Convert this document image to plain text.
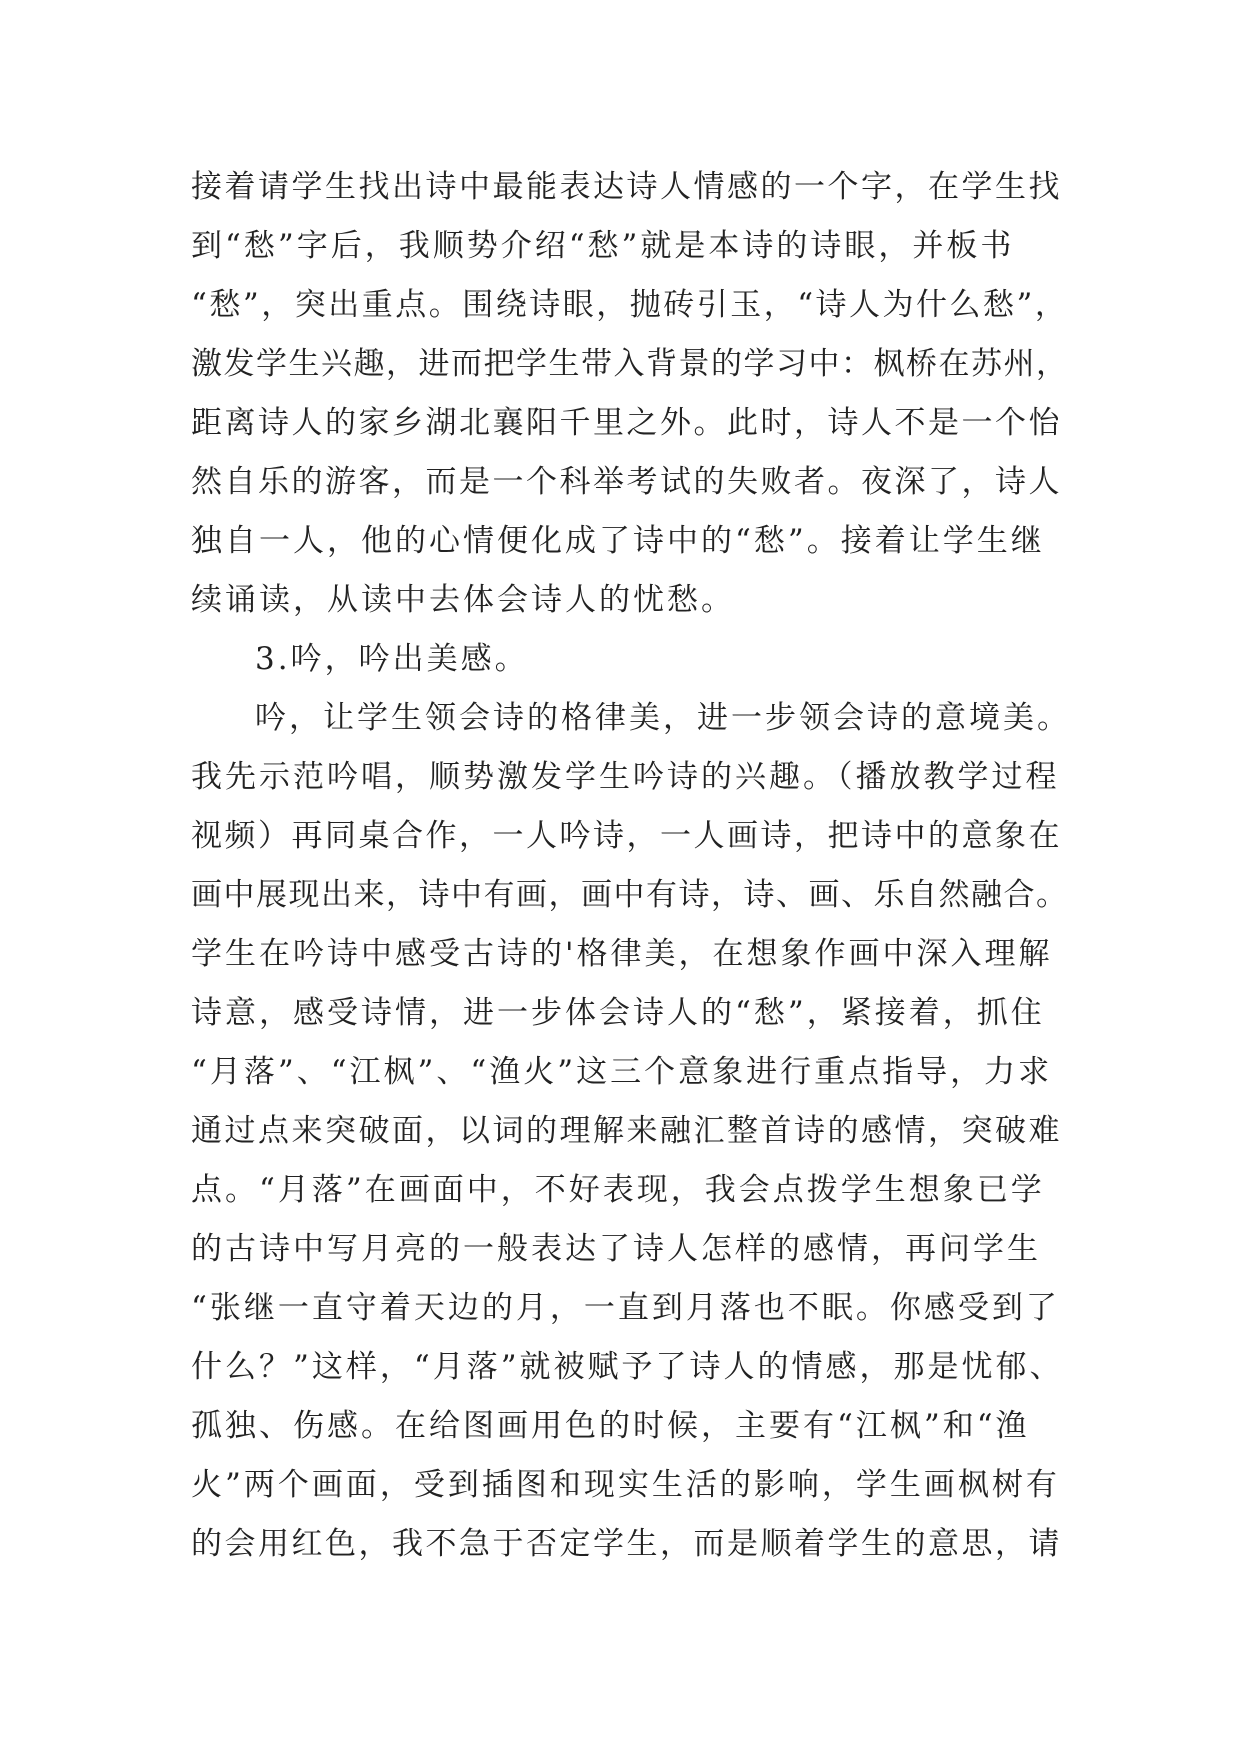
接着请学生找出诗中最能表达诗人情感的一个字，在学生找
到“愁”字后，我顺势介绍“愁”就是本诗的诗眼，并板书
“愁”，突出重点。围绕诗眼，抛砖引玉，“诗人为什么愁”，
激发学生兴趣，进而把学生带入背景的学习中：枫桥在苏州，
距离诗人的家乡湖北襄阳千里之外。此时，诗人不是一个怡
然自乐的游客，而是一个科举考试的失败者。夜深了，诗人
独自一人，他的心情便化成了诗中的“愁”。接着让学生继
续诵读，从读中去体会诗人的忧愁。
3.吟，吟出美感。
吟，让学生领会诗的格律美，进一步领会诗的意境美。
我先示范吟唱，顺势激发学生吟诗的兴趣。（播放教学过程
视频）再同桌合作，一人吟诗，一人画诗，把诗中的意象在
画中展现出来，诗中有画，画中有诗，诗、画、乐自然融合。
学生在吟诗中感受古诗的'格律美，在想象作画中深入理解
诗意，感受诗情，进一步体会诗人的“愁”，紧接着，抓住
“月落”、“江枫”、“渔火”这三个意象进行重点指导，力求
通过点来突破面，以词的理解来融汇整首诗的感情，突破难
点。“月落”在画面中，不好表现，我会点拨学生想象已学
的古诗中写月亮的一般表达了诗人怎样的感情，再问学生
“张继一直守着天边的月，一直到月落也不眠。你感受到了
什么？”这样，“月落”就被赋予了诗人的情感，那是忧郁、
孤独、伤感。在给图画用色的时候，主要有“江枫”和“渔
火”两个画面，受到插图和现实生活的影响，学生画枫树有
的会用红色，我不急于否定学生，而是顺着学生的意思，请
